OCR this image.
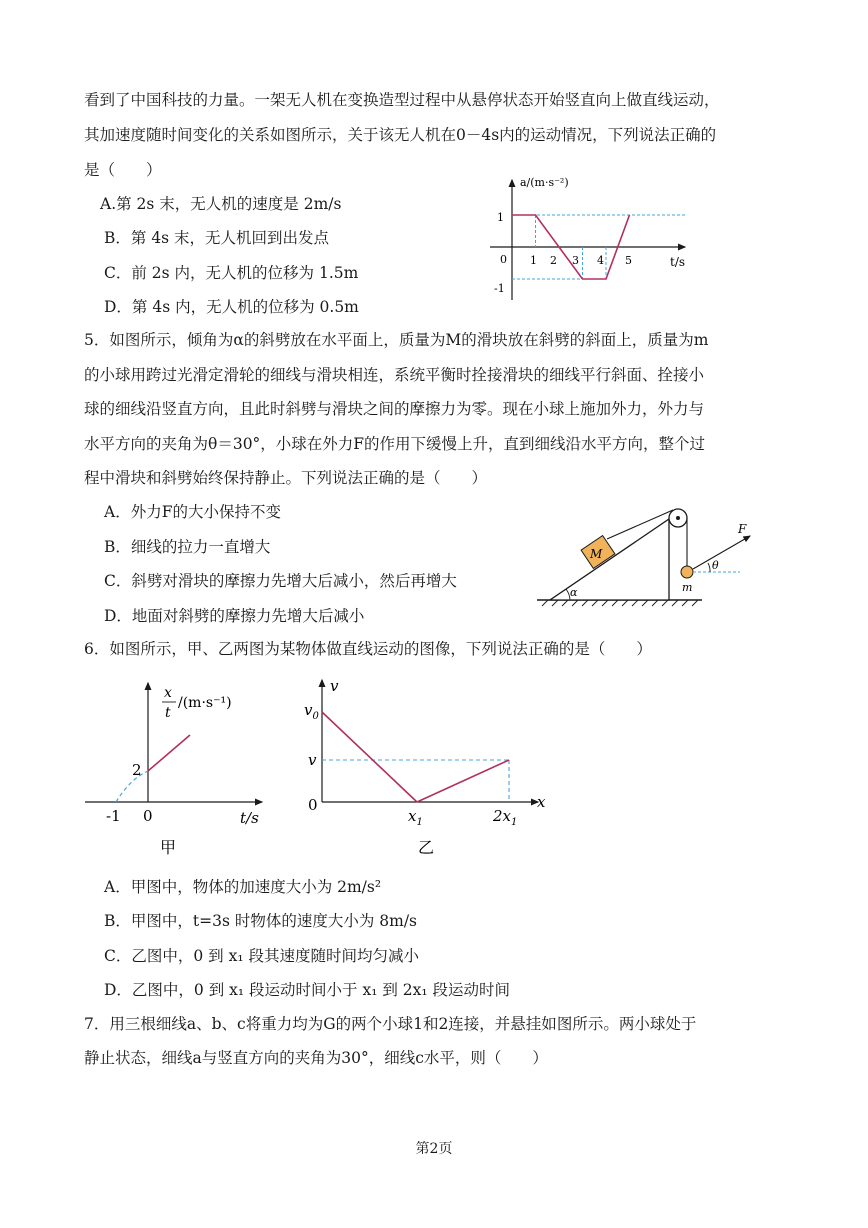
看到了中国科技的力量。一架无人机在变换造型过程中从悬停状态开始竖直向上做直线运动，
其加速度随时间变化的关系如图所示，关于该无人机在0－4s内的运动情况，下列说法正确的
是（　　）
A.第 2s 末，无人机的速度是 2m/s
B．第 4s 末，无人机回到出发点
C．前 2s 内，无人机的位移为 1.5m
D．第 4s 内，无人机的位移为 0.5m
a/(m·s⁻²)
t/s
0
1
-1
1 2 3 4 5
5．如图所示，倾角为α的斜劈放在水平面上，质量为M的滑块放在斜劈的斜面上，质量为m
的小球用跨过光滑定滑轮的细线与滑块相连，系统平衡时拴接滑块的细线平行斜面、拴接小
球的细线沿竖直方向，且此时斜劈与滑块之间的摩擦力为零。现在小球上施加外力，外力与
水平方向的夹角为θ＝30°，小球在外力F的作用下缓慢上升，直到细线沿水平方向，整个过
程中滑块和斜劈始终保持静止。下列说法正确的是（　　）
A．外力F的大小保持不变
B．细线的拉力一直增大
C．斜劈对滑块的摩擦力先增大后减小，然后再增大
D．地面对斜劈的摩擦力先增大后减小
α
M
m
F
θ
6．如图所示，甲、乙两图为某物体做直线运动的图像，下列说法正确的是（　　）
x
t
/(m·s⁻¹)
2
-1 0	t/s
甲
v
$v_0$
v
0
$x_1$	$2x_1$
x
乙
A．甲图中，物体的加速度大小为 2m/s²
B．甲图中，t=3s 时物体的速度大小为 8m/s
C．乙图中，0 到 x₁ 段其速度随时间均匀减小
D．乙图中，0 到 x₁ 段运动时间小于 x₁ 到 2x₁ 段运动时间
7．用三根细线a、b、c将重力均为G的两个小球1和2连接，并悬挂如图所示。两小球处于
静止状态，细线a与竖直方向的夹角为30°，细线c水平，则（　　）
第2页
